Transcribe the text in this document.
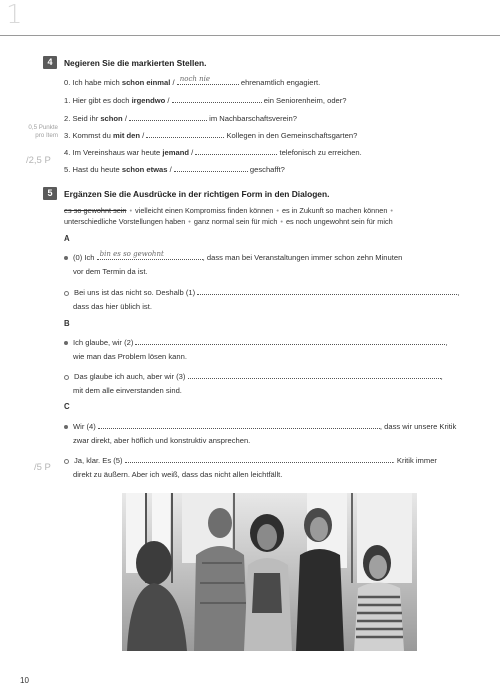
1
4	Negieren Sie die markierten Stellen.
0,5 Punkte
pro Item
/2,5 P
0. Ich habe mich schon einmal / noch nie	ehrenamtlich engagiert.
1. Hier gibt es doch irgendwo /	ein Seniorenheim, oder?
2. Seid ihr schon /	im Nachbarschaftsverein?
3. Kommst du mit den /	Kollegen in den Gemeinschaftsgarten?
4. Im Vereinshaus war heute jemand /	telefonisch zu erreichen.
5. Hast du heute schon etwas /	geschafft?
5	Ergänzen Sie die Ausdrücke in der richtigen Form in den Dialogen.
es so gewohnt sein • vielleicht einen Kompromiss finden können • es in Zukunft so machen können •
unterschiedliche Vorstellungen haben • ganz normal sein für mich • es noch ungewohnt sein für mich
A
(0) Ich bin es so gewohnt	, dass man bei Veranstaltungen immer schon zehn Minuten
vor dem Termin da ist.
Bei uns ist das nicht so. Deshalb (1)	,
dass das hier üblich ist.
B
Ich glaube, wir (2)	,
wie man das Problem lösen kann.
Das glaube ich auch, aber wir (3)	,
mit dem alle einverstanden sind.
C
Wir (4)	, dass wir unsere Kritik
zwar direkt, aber höflich und konstruktiv ansprechen.
Ja, klar. Es (5)	. Kritik immer
direkt zu äußern. Aber ich weiß, dass das nicht allen leichtfällt.
/5 P
10
